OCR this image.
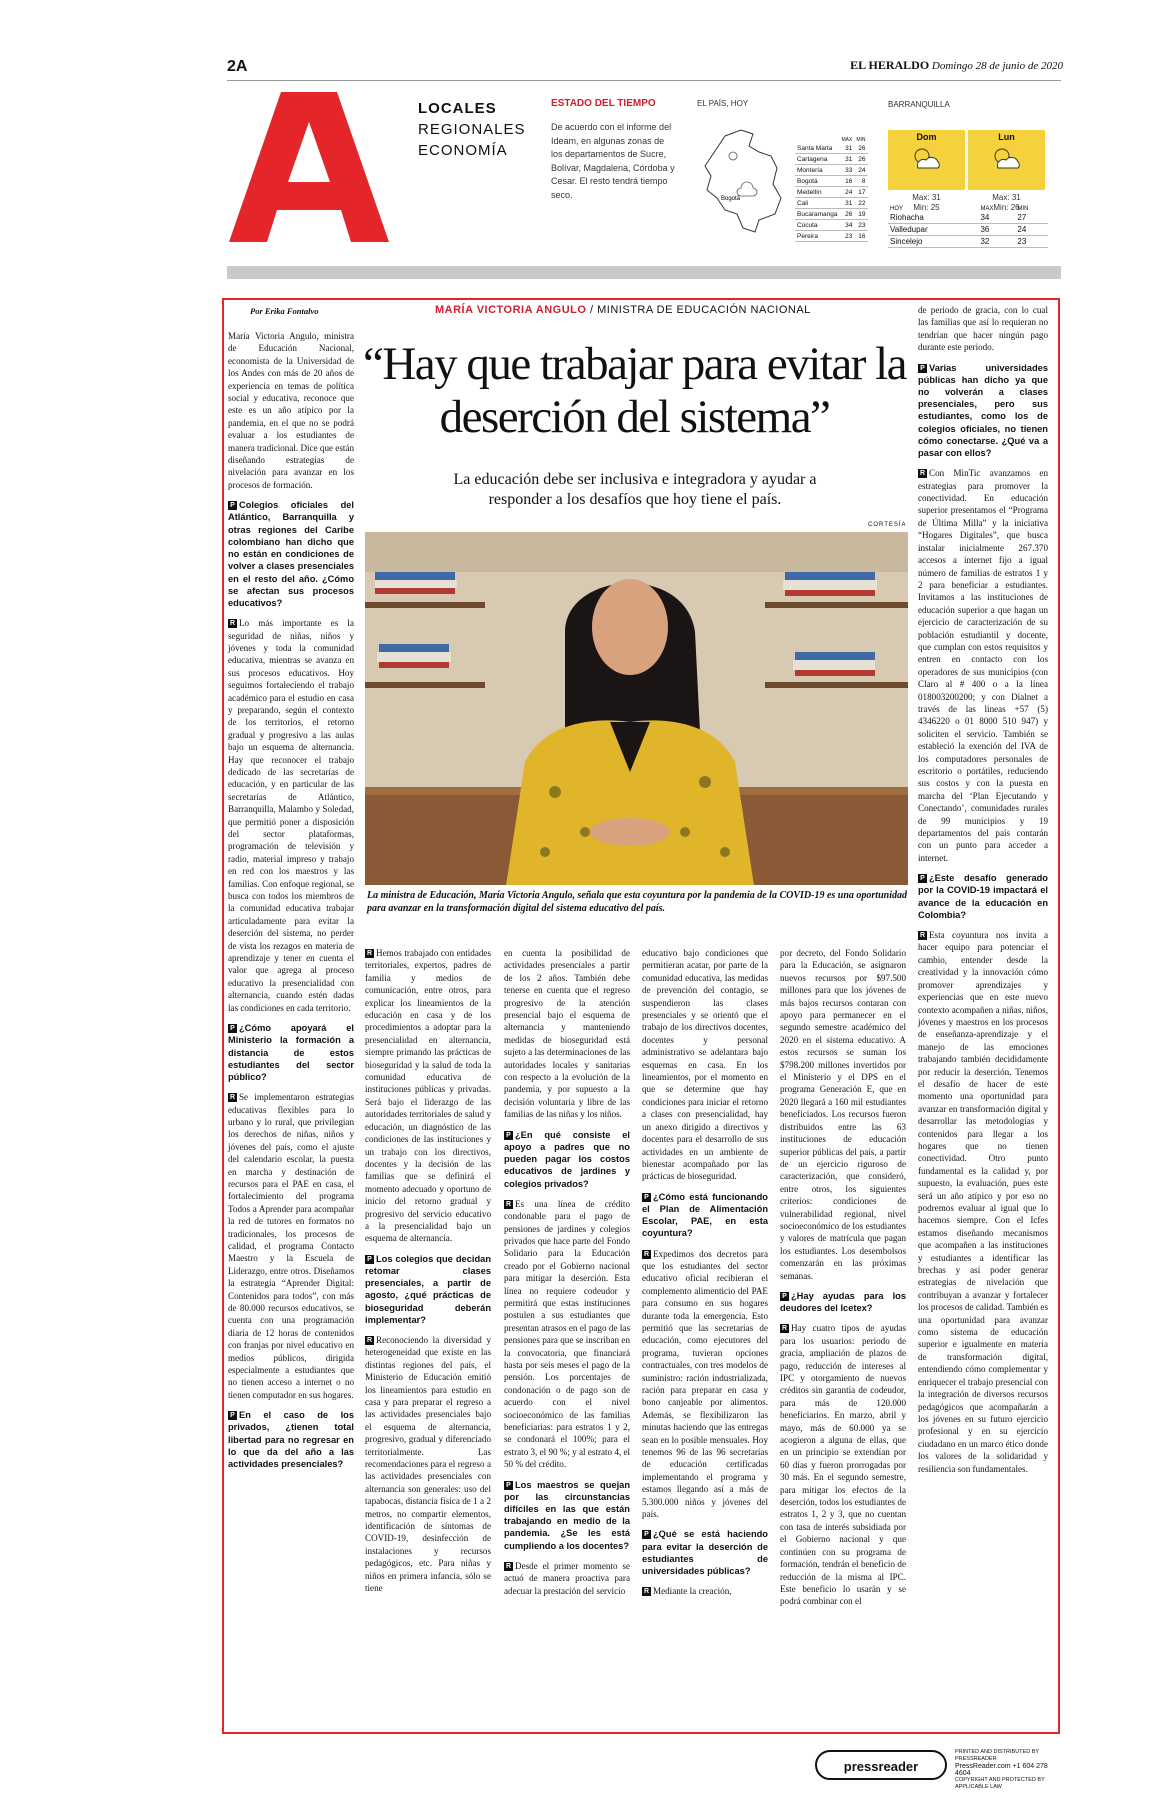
2A	EL HERALDO Domingo 28 de junio de 2020
LOCALES
REGIONALES
ECONOMÍA
ESTADO DEL TIEMPO
De acuerdo con el informe del Ideam, en algunas zonas de los departamentos de Sucre, Bolívar, Magdalena, Córdoba y Cesar. El resto tendrá tiempo seco.
EL PAÍS, HOY
Bogotá
	MAX	MIN
Santa Marta	31	26
Cartagena	31	26
Montería	33	24
Bogotá	16	8
Medellín	24	17
Cali	31	22
Bucaramanga	26	19
Cúcuta	34	23
Pereira	23	16
BARRANQUILLA
Dom	Lun
Max: 31
Min: 25
Max: 31
Min: 26
HOY	MAX	MIN
Riohacha	34	27
Valledupar	36	24
Sincelejo	32	23
Por Erika Fontalvo	MARÍA VICTORIA ANGULO / MINISTRA DE EDUCACIÓN NACIONAL
“Hay que trabajar para evitar la deserción del sistema”
La educación debe ser inclusiva e integradora y ayudar a responder a los desafíos que hoy tiene el país.
CORTESÍA
La ministra de Educación, María Victoria Angulo, señala que esta coyuntura por la pandemia de la COVID-19 es una oportunidad para avanzar en la transformación digital del sistema educativo del país.

María Victoria Angulo, ministra de Educación Nacional, economista de la Universidad de los Andes con más de 20 años de experiencia en temas de política social y educativa, reconoce que este es un año atípico por la pandemia, en el que no se podrá evaluar a los estudiantes de manera tradicional. Dice que están diseñando estrategias de nivelación para avanzar en los procesos de formación.

P Colegios oficiales del Atlántico, Barranquilla y otras regiones del Caribe colombiano han dicho que no están en condiciones de volver a clases presenciales en el resto del año. ¿Cómo se afectan sus procesos educativos?

R Lo más importante es la seguridad de niñas, niños y jóvenes y toda la comunidad educativa, mientras se avanza en sus procesos educativos. Hoy seguimos fortaleciendo el trabajo académico para el estudio en casa y preparando, según el contexto de los territorios, el retorno gradual y progresivo a las aulas bajo un esquema de alternancia. Hay que reconocer el trabajo dedicado de las secretarías de educación, y en particular de las secretarías de Atlántico, Barranquilla, Malambo y Soledad, que permitió poner a disposición del sector plataformas, programación de televisión y radio, material impreso y trabajo en red con los maestros y las familias. Con enfoque regional, se busca con todos los miembros de la comunidad educativa trabajar articuladamente para evitar la deserción del sistema, no perder de vista los rezagos en materia de aprendizaje y tener en cuenta el valor que agrega al proceso educativo la presencialidad con alternancia, cuando estén dadas las condiciones en cada territorio.

P ¿Cómo apoyará el Ministerio la formación a distancia de estos estudiantes del sector público?

R Se implementaron estrategias educativas flexibles para lo urbano y lo rural, que privilegian los derechos de niñas, niños y jóvenes del país, como el ajuste del calendario escolar, la puesta en marcha y destinación de recursos para el PAE en casa, el fortalecimiento del programa Todos a Aprender para acompañar la red de tutores en formatos no tradicionales, los procesos de calidad, el programa Contacto Maestro y la Escuela de Liderazgo, entre otros. Diseñamos la estrategia “Aprender Digital: Contenidos para todos”, con más de 80.000 recursos educativos, se cuenta con una programación diaria de 12 horas de contenidos con franjas por nivel educativo en medios públicos, dirigida especialmente a estudiantes que no tienen acceso a internet o no tienen computador en sus hogares.

P En el caso de los privados, ¿tienen total libertad para no regresar en lo que da del año a las actividades presenciales?

R Hemos trabajado con entidades territoriales, expertos, padres de familia y medios de comunicación, entre otros, para explicar los lineamientos de la educación en casa y de los procedimientos a adoptar para la presencialidad en alternancia, siempre primando las prácticas de bioseguridad y la salud de toda la comunidad educativa de instituciones públicas y privadas. Será bajo el liderazgo de las autoridades territoriales de salud y educación, un diagnóstico de las condiciones de las instituciones y un trabajo con los directivos, docentes y la decisión de las familias que se definirá el momento adecuado y oportuno de inicio del retorno gradual y progresivo del servicio educativo a la presencialidad bajo un esquema de alternancia.

P Los colegios que decidan retomar clases presenciales, a partir de agosto, ¿qué prácticas de bioseguridad deberán implementar?

R Reconociendo la diversidad y heterogeneidad que existe en las distintas regiones del país, el Ministerio de Educación emitió los lineamientos para estudio en casa y para preparar el regreso a las actividades presenciales bajo el esquema de alternancia, progresivo, gradual y diferenciado territorialmente. Las recomendaciones para el regreso a las actividades presenciales con alternancia son generales: uso del tapabocas, distancia física de 1 a 2 metros, no compartir elementos, identificación de síntomas de COVID-19, desinfección de instalaciones y recursos pedagógicos, etc. Para niñas y niños en primera infancia, sólo se tiene

en cuenta la posibilidad de actividades presenciales a partir de los 2 años. También debe tenerse en cuenta que el regreso progresivo de la atención presencial bajo el esquema de alternancia y manteniendo medidas de bioseguridad está sujeto a las determinaciones de las autoridades locales y sanitarias con respecto a la evolución de la pandemia, y por supuesto a la decisión voluntaria y libre de las familias de las niñas y los niños.

P ¿En qué consiste el apoyo a padres que no pueden pagar los costos educativos de jardines y colegios privados?

R Es una línea de crédito condonable para el pago de pensiones de jardines y colegios privados que hace parte del Fondo Solidario para la Educación creado por el Gobierno nacional para mitigar la deserción. Esta línea no requiere codeudor y permitirá que estas instituciones postulen a sus estudiantes que presentan atrasos en el pago de las pensiones para que se inscriban en la convocatoria, que financiará hasta por seis meses el pago de la pensión. Los porcentajes de condonación o de pago son de acuerdo con el nivel socioeconómico de las familias beneficiarias: para estratos 1 y 2, se condonará el 100%; para el estrato 3, el 90 %; y al estrato 4, el 50 % del crédito.

P Los maestros se quejan por las circunstancias difíciles en las que están trabajando en medio de la pandemia. ¿Se les está cumpliendo a los docentes?

R Desde el primer momento se actuó de manera proactiva para adecuar la prestación del servicio

educativo bajo condiciones que permitieran acatar, por parte de la comunidad educativa, las medidas de prevención del contagio, se suspendieron las clases presenciales y se orientó que el trabajo de los directivos docentes, docentes y personal administrativo se adelantara bajo esquemas en casa. En los lineamientos, por el momento en que se determine que hay condiciones para iniciar el retorno a clases con presencialidad, hay un anexo dirigido a directivos y docentes para el desarrollo de sus actividades en un ambiente de bienestar acompañado por las prácticas de bioseguridad.

P ¿Cómo está funcionando el Plan de Alimentación Escolar, PAE, en esta coyuntura?

R Expedimos dos decretos para que los estudiantes del sector educativo oficial recibieran el complemento alimenticio del PAE para consumo en sus hogares durante toda la emergencia. Esto permitió que las secretarías de educación, como ejecutores del programa, tuvieran opciones contractuales, con tres modelos de suministro: ración industrializada, ración para preparar en casa y bono canjeable por alimentos. Además, se flexibilizaron las minutas haciendo que las entregas sean en lo posible mensuales. Hoy tenemos 96 de las 96 secretarías de educación certificadas implementando el programa y estamos llegando así a más de 5.300.000 niños y jóvenes del país.

P ¿Qué se está haciendo para evitar la deserción de estudiantes de universidades públicas?

R Mediante la creación,

por decreto, del Fondo Solidario para la Educación, se asignaron nuevos recursos por $97.500 millones para que los jóvenes de más bajos recursos contaran con apoyo para permanecer en el segundo semestre académico del 2020 en el sistema educativo. A estos recursos se suman los $798.200 millones invertidos por el Ministerio y el DPS en el programa Generación E, que en 2020 llegará a 160 mil estudiantes beneficiados. Los recursos fueron distribuidos entre las 63 instituciones de educación superior públicas del país, a partir de un ejercicio riguroso de caracterización, que consideró, entre otros, los siguientes criterios: condiciones de vulnerabilidad regional, nivel socioeconómico de los estudiantes y valores de matrícula que pagan los estudiantes. Los desembolsos comenzarán en las próximas semanas.

P ¿Hay ayudas para los deudores del Icetex?

R Hay cuatro tipos de ayudas para los usuarios: periodo de gracia, ampliación de plazos de pago, reducción de intereses al IPC y otorgamiento de nuevos créditos sin garantía de codeudor, para más de 120.000 beneficiarios. En marzo, abril y mayo, más de 60.000 ya se acogieron a alguna de ellas, que en un principio se extendían por 60 días y fueron prorrogadas por 30 más. En el segundo semestre, para mitigar los efectos de la deserción, todos los estudiantes de estratos 1, 2 y 3, que no cuentan con tasa de interés subsidiada por el Gobierno nacional y que continúen con su programa de formación, tendrán el beneficio de reducción de la misma al IPC. Este beneficio lo usarán y se podrá combinar con el

de periodo de gracia, con lo cual las familias que así lo requieran no tendrían que hacer ningún pago durante este periodo.

P Varias universidades públicas han dicho ya que no volverán a clases presenciales, pero sus estudiantes, como los de colegios oficiales, no tienen cómo conectarse. ¿Qué va a pasar con ellos?

R Con MinTic avanzamos en estrategias para promover la conectividad. En educación superior presentamos el “Programa de Última Milla” y la iniciativa “Hogares Digitales”, que busca instalar inicialmente 267.370 accesos a internet fijo a igual número de familias de estratos 1 y 2 para beneficiar a estudiantes. Invitamos a las instituciones de educación superior a que hagan un ejercicio de caracterización de su población estudiantil y docente, que cumplan con estos requisitos y entren en contacto con los operadores de sus municipios (con Claro al # 400 o a la línea 018003200200; y con Dialnet a través de las líneas +57 (5) 4346220 o 01 8000 510 947) y soliciten el servicio. También se estableció la exención del IVA de los computadores personales de escritorio o portátiles, reduciendo sus costos y con la puesta en marcha del ‘Plan Ejecutando y Conectando’, comunidades rurales de 99 municipios y 19 departamentos del país contarán con un punto para acceder a internet.

P ¿Este desafío generado por la COVID-19 impactará el avance de la educación en Colombia?

R Esta coyuntura nos invita a hacer equipo para potenciar el cambio, entender desde la creatividad y la innovación cómo promover aprendizajes y experiencias que en este nuevo contexto acompañen a niñas, niños, jóvenes y maestros en los procesos de enseñanza-aprendizaje y el manejo de las emociones trabajando también decididamente por reducir la deserción. Tenemos el desafío de hacer de este momento una oportunidad para avanzar en transformación digital y desarrollar las metodologías y contenidos para llegar a los hogares que no tienen conectividad. Otro punto fundamental es la calidad y, por supuesto, la evaluación, pues este será un año atípico y por eso no podremos evaluar al igual que lo hacemos siempre. Con el Icfes estamos diseñando mecanismos que acompañen a las instituciones y estudiantes a identificar las brechas y así poder generar estrategias de nivelación que contribuyan a avanzar y fortalecer los procesos de calidad. También es una oportunidad para avanzar como sistema de educación superior e igualmente en materia de transformación digital, entendiendo cómo complementar y enriquecer el trabajo presencial con la integración de diversos recursos pedagógicos que acompañarán a los jóvenes en su futuro ejercicio profesional y en su ejercicio ciudadano en un marco ético donde los valores de la solidaridad y resiliencia son fundamentales.

pressreader
PRINTED AND DISTRIBUTED BY PRESSREADER
PressReader.com +1 604 278 4604
COPYRIGHT AND PROTECTED BY APPLICABLE LAW
